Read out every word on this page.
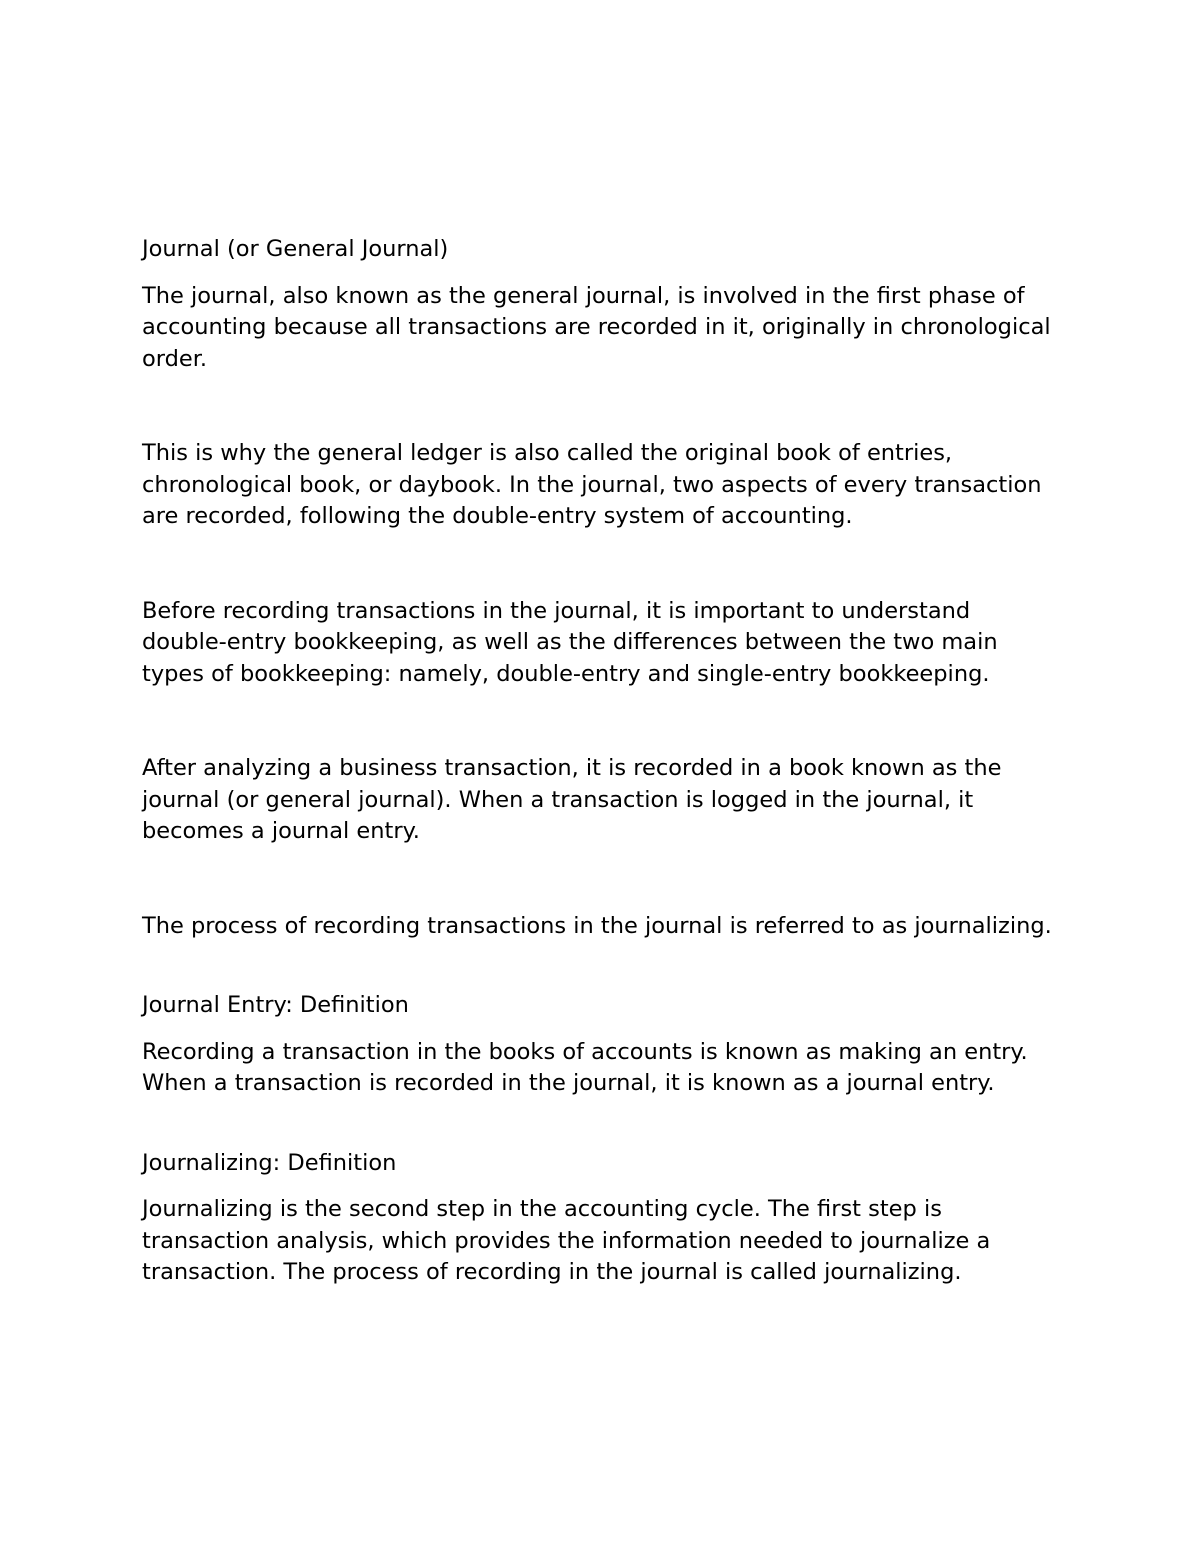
Journal (or General Journal)

The journal, also known as the general journal, is involved in the first phase of accounting because all transactions are recorded in it, originally in chronological order.

This is why the general ledger is also called the original book of entries, chronological book, or daybook. In the journal, two aspects of every transaction are recorded, following the double-entry system of accounting.

Before recording transactions in the journal, it is important to understand double-entry bookkeeping, as well as the differences between the two main types of bookkeeping: namely, double-entry and single-entry bookkeeping.

After analyzing a business transaction, it is recorded in a book known as the journal (or general journal). When a transaction is logged in the journal, it becomes a journal entry.

The process of recording transactions in the journal is referred to as journalizing.

Journal Entry: Definition

Recording a transaction in the books of accounts is known as making an entry. When a transaction is recorded in the journal, it is known as a journal entry.

Journalizing: Definition

Journalizing is the second step in the accounting cycle. The first step is transaction analysis, which provides the information needed to journalize a transaction. The process of recording in the journal is called journalizing.
